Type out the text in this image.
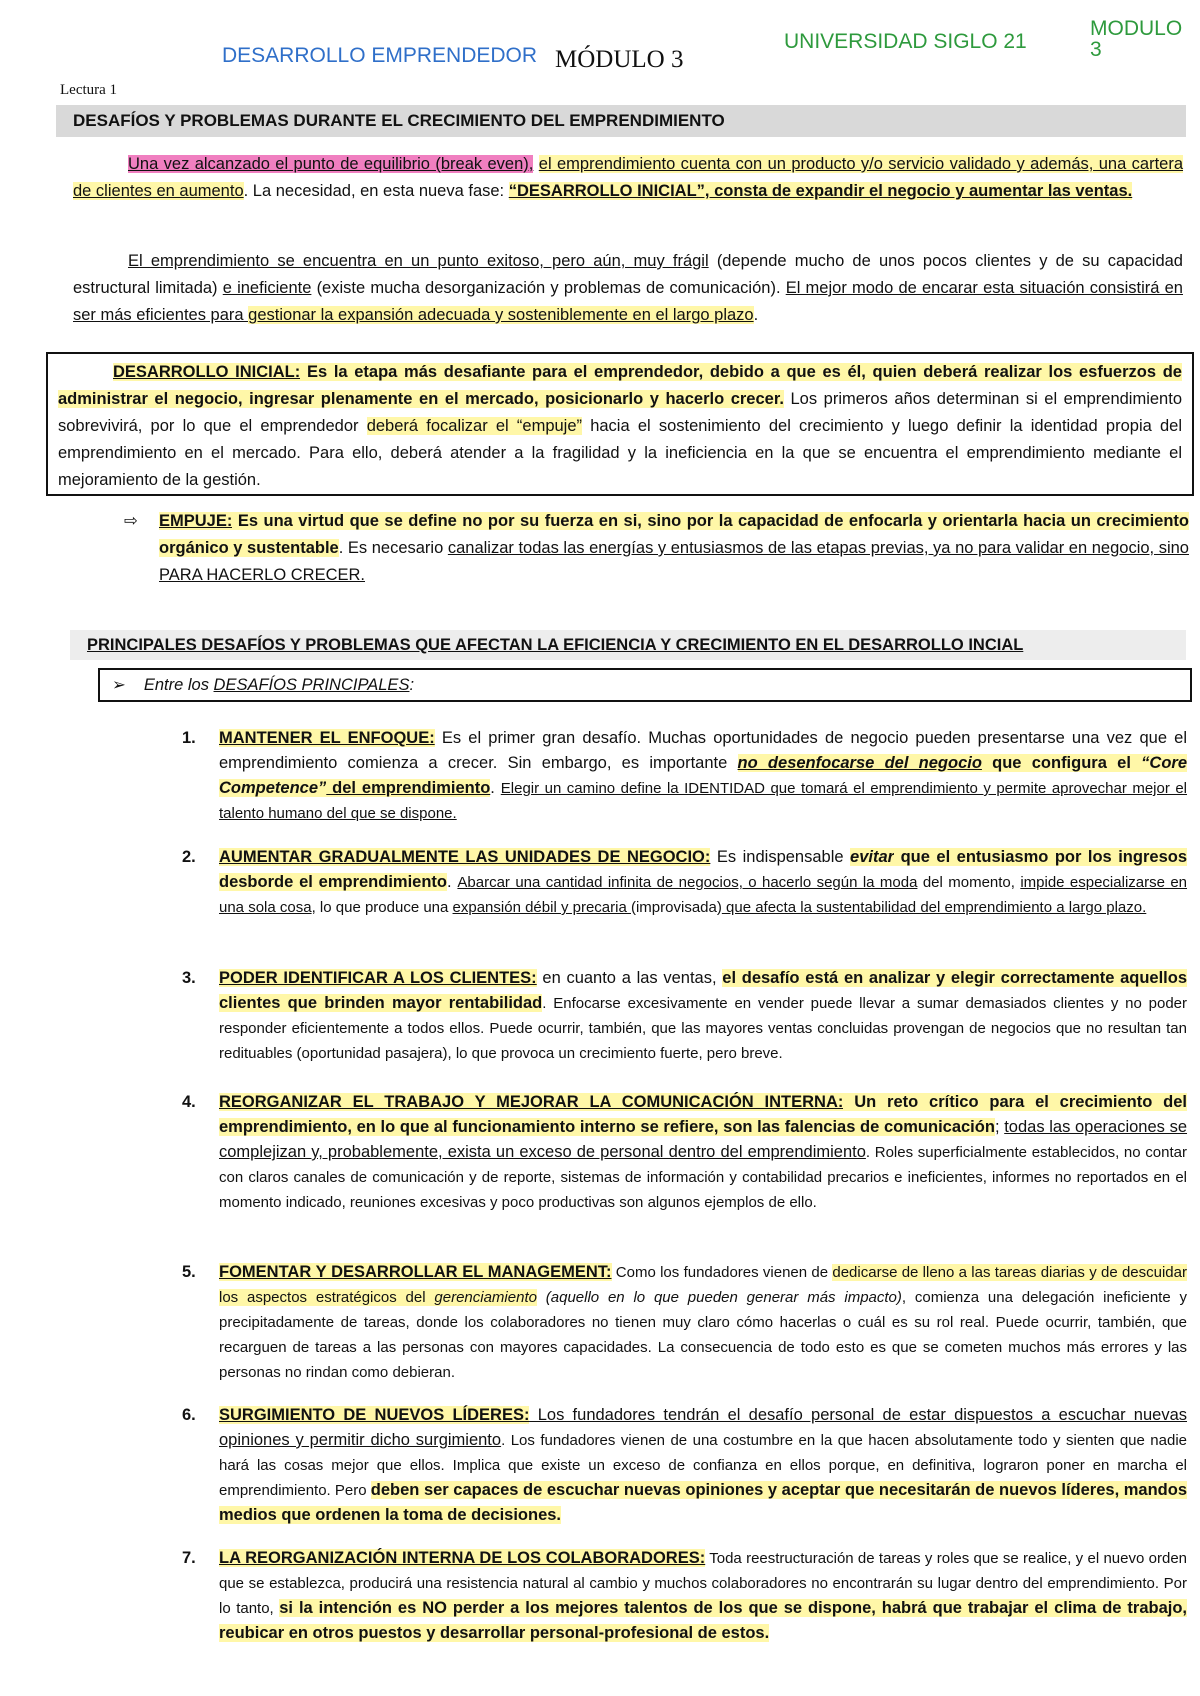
DESARROLLO EMPRENDEDOR MÓDULO 3
UNIVERSIDAD SIGLO 21
MODULO 3
Lectura 1
DESAFÍOS Y PROBLEMAS DURANTE EL CRECIMIENTO DEL EMPRENDIMIENTO
Una vez alcanzado el punto de equilibrio (break even), el emprendimiento cuenta con un producto y/o servicio validado y además, una cartera de clientes en aumento. La necesidad, en esta nueva fase: “DESARROLLO INICIAL”, consta de expandir el negocio y aumentar las ventas.
El emprendimiento se encuentra en un punto exitoso, pero aún, muy frágil (depende mucho de unos pocos clientes y de su capacidad estructural limitada) e ineficiente (existe mucha desorganización y problemas de comunicación). El mejor modo de encarar esta situación consistirá en ser más eficientes para gestionar la expansión adecuada y sosteniblemente en el largo plazo.
DESARROLLO INICIAL: Es la etapa más desafiante para el emprendedor, debido a que es él, quien deberá realizar los esfuerzos de administrar el negocio, ingresar plenamente en el mercado, posicionarlo y hacerlo crecer. Los primeros años determinan si el emprendimiento sobrevivirá, por lo que el emprendedor deberá focalizar el “empuje” hacia el sostenimiento del crecimiento y luego definir la identidad propia del emprendimiento en el mercado. Para ello, deberá atender a la fragilidad y la ineficiencia en la que se encuentra el emprendimiento mediante el mejoramiento de la gestión.
⇨	EMPUJE: Es una virtud que se define no por su fuerza en si, sino por la capacidad de enfocarla y orientarla hacia un crecimiento orgánico y sustentable. Es necesario canalizar todas las energías y entusiasmos de las etapas previas, ya no para validar en negocio, sino PARA HACERLO CRECER.
PRINCIPALES DESAFÍOS Y PROBLEMAS QUE AFECTAN LA EFICIENCIA Y CRECIMIENTO EN EL DESARROLLO INCIAL
➢ Entre los DESAFÍOS PRINCIPALES:
1. MANTENER EL ENFOQUE: Es el primer gran desafío. Muchas oportunidades de negocio pueden presentarse una vez que el emprendimiento comienza a crecer. Sin embargo, es importante no desenfocarse del negocio que configura el “Core Competence” del emprendimiento. Elegir un camino define la IDENTIDAD que tomará el emprendimiento y permite aprovechar mejor el talento humano del que se dispone.
2. AUMENTAR GRADUALMENTE LAS UNIDADES DE NEGOCIO: Es indispensable evitar que el entusiasmo por los ingresos desborde el emprendimiento. Abarcar una cantidad infinita de negocios, o hacerlo según la moda del momento, impide especializarse en una sola cosa, lo que produce una expansión débil y precaria (improvisada) que afecta la sustentabilidad del emprendimiento a largo plazo.
3. PODER IDENTIFICAR A LOS CLIENTES: en cuanto a las ventas, el desafío está en analizar y elegir correctamente aquellos clientes que brinden mayor rentabilidad. Enfocarse excesivamente en vender puede llevar a sumar demasiados clientes y no poder responder eficientemente a todos ellos. Puede ocurrir, también, que las mayores ventas concluidas provengan de negocios que no resultan tan redituables (oportunidad pasajera), lo que provoca un crecimiento fuerte, pero breve.
4. REORGANIZAR EL TRABAJO Y MEJORAR LA COMUNICACIÓN INTERNA: Un reto crítico para el crecimiento del emprendimiento, en lo que al funcionamiento interno se refiere, son las falencias de comunicación; todas las operaciones se complejizan y, probablemente, exista un exceso de personal dentro del emprendimiento. Roles superficialmente establecidos, no contar con claros canales de comunicación y de reporte, sistemas de información y contabilidad precarios e ineficientes, informes no reportados en el momento indicado, reuniones excesivas y poco productivas son algunos ejemplos de ello.
5. FOMENTAR Y DESARROLLAR EL MANAGEMENT: Como los fundadores vienen de dedicarse de lleno a las tareas diarias y de descuidar los aspectos estratégicos del gerenciamiento (aquello en lo que pueden generar más impacto), comienza una delegación ineficiente y precipitadamente de tareas, donde los colaboradores no tienen muy claro cómo hacerlas o cuál es su rol real. Puede ocurrir, también, que recarguen de tareas a las personas con mayores capacidades. La consecuencia de todo esto es que se cometen muchos más errores y las personas no rindan como debieran.
6. SURGIMIENTO DE NUEVOS LÍDERES: Los fundadores tendrán el desafío personal de estar dispuestos a escuchar nuevas opiniones y permitir dicho surgimiento. Los fundadores vienen de una costumbre en la que hacen absolutamente todo y sienten que nadie hará las cosas mejor que ellos. Implica que existe un exceso de confianza en ellos porque, en definitiva, lograron poner en marcha el emprendimiento. Pero deben ser capaces de escuchar nuevas opiniones y aceptar que necesitarán de nuevos líderes, mandos medios que ordenen la toma de decisiones.
7. LA REORGANIZACIÓN INTERNA DE LOS COLABORADORES: Toda reestructuración de tareas y roles que se realice, y el nuevo orden que se establezca, producirá una resistencia natural al cambio y muchos colaboradores no encontrarán su lugar dentro del emprendimiento. Por lo tanto, si la intención es NO perder a los mejores talentos de los que se dispone, habrá que trabajar el clima de trabajo, reubicar en otros puestos y desarrollar personal-profesional de estos.
